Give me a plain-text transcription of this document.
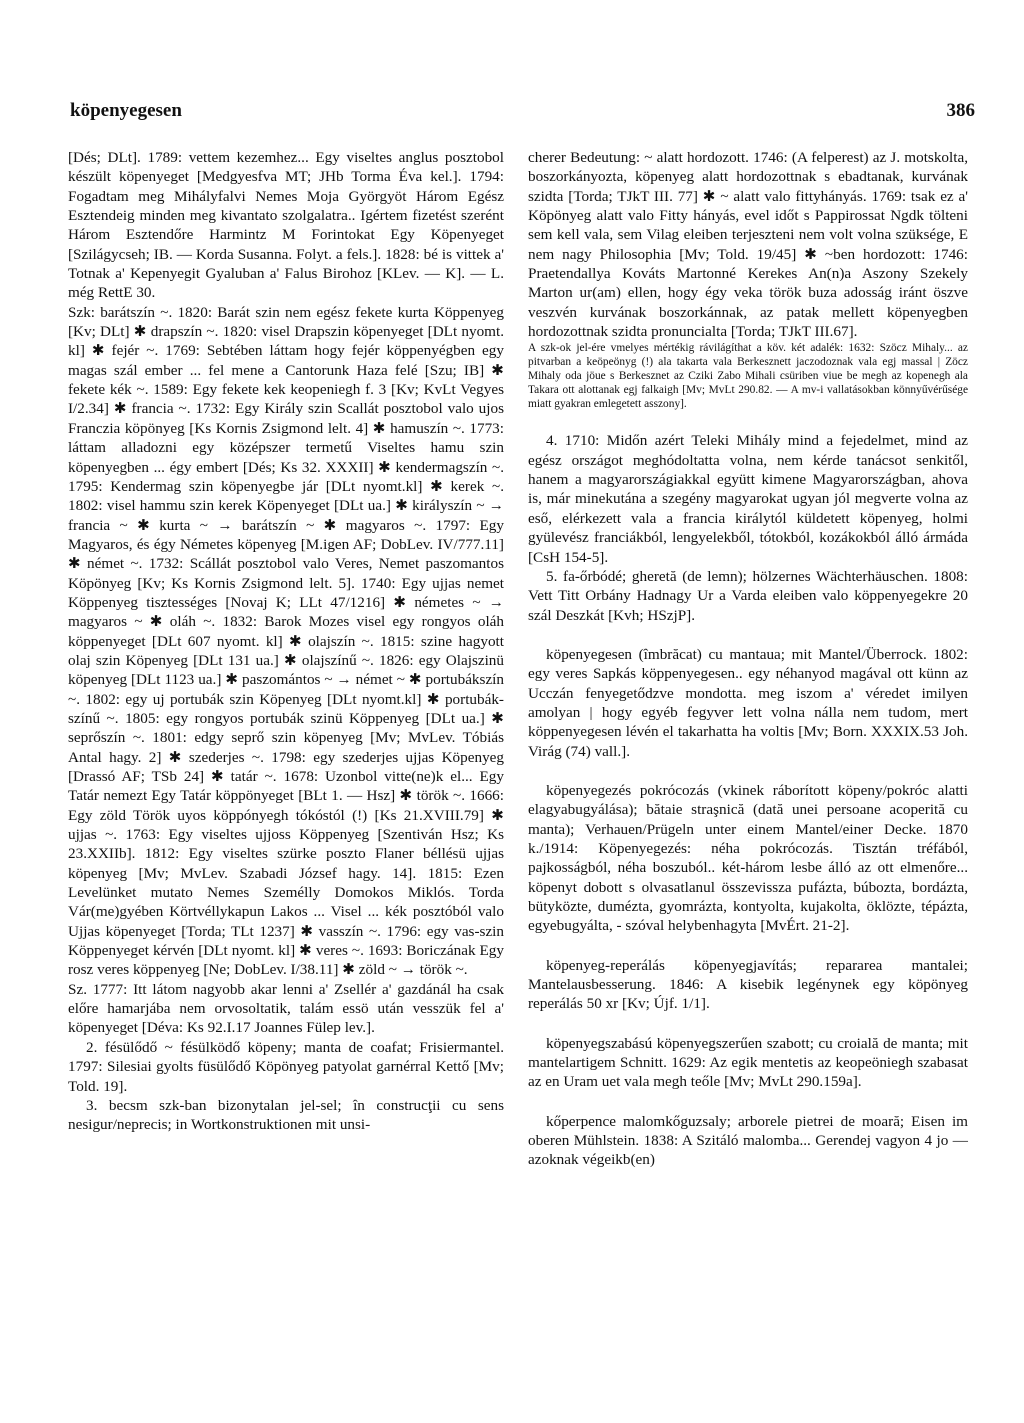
köpenyegesen	386

[Dés; DLt]. 1789: vettem kezemhez... Egy viseltes anglus posztobol készült köpenyeget [Medgyesfva MT; JHb Torma Éva kel.]. 1794: Fogadtam meg Mihályfalvi Nemes Moja Györgyöt Három Egész Esztendeig minden meg kivantato szolgalatra.. Igértem fizetést szerént Három Esztendőre Harmintz M Forintokat Egy Köpenyeget [Szilágycseh; IB. — Korda Susanna. Folyt. a fels.]. 1828: bé is vittek a' Totnak a' Kepenyegit Gyaluban a' Falus Birohoz [KLev. — K]. — L. még RettE 30.

Szk: barátszín ~. 1820: Barát szin nem egész fekete kurta Köppenyeg [Kv; DLt] ✱ drapszín ~. 1820: visel Drapszin köpenyeget [DLt nyomt. kl] ✱ fejér ~. 1769: Sebtében láttam hogy fejér köppenyégben egy magas szál ember ... fel mene a Cantorunk Haza felé [Szu; IB] ✱ fekete kék ~. 1589: Egy fekete kek keopeniegh f. 3 [Kv; KvLt Vegyes I/2.34] ✱ francia ~. 1732: Egy Király szin Scallát posztobol valo ujos Franczia köpönyeg [Ks Kornis Zsigmond lelt. 4] ✱ hamuszín ~. 1773: láttam alladozni egy középszer termetű Viseltes hamu szin köpenyegben ... égy embert [Dés; Ks 32. XXXII] ✱ kendermagszín ~. 1795: Kendermag szin köpenyegbe jár [DLt nyomt.kl] ✱ kerek ~. 1802: visel hammu szin kerek Köpenyeget [DLt ua.] ✱ királyszín ~ → francia ~ ✱ kurta ~ → barátszín ~ ✱ magyaros ~. 1797: Egy Magyaros, és égy Németes köpenyeg [M.igen AF; DobLev. IV/777.11] ✱ német ~. 1732: Scállát posztobol valo Veres, Nemet paszomantos Köpönyeg [Kv; Ks Kornis Zsigmond lelt. 5]. 1740: Egy ujjas nemet Köppenyeg tisztességes [Novaj K; LLt 47/1216] ✱ németes ~ → magyaros ~ ✱ oláh ~. 1832: Barok Mozes visel egy rongyos oláh köppenyeget [DLt 607 nyomt. kl] ✱ olajszín ~. 1815: szine hagyott olaj szin Köpenyeg [DLt 131 ua.] ✱ olajszínű ~. 1826: egy Olajszinü köpenyeg [DLt 1123 ua.] ✱ paszomántos ~ → német ~ ✱ portubákszín ~. 1802: egy uj portubák szin Köpenyeg [DLt nyomt.kl] ✱ portubák-színű ~. 1805: egy rongyos portubák szinü Köppenyeg [DLt ua.] ✱ seprőszín ~. 1801: edgy seprő szin köpenyeg [Mv; MvLev. Tóbiás Antal hagy. 2] ✱ szederjes ~. 1798: egy szederjes ujjas Köpenyeg [Drassó AF; TSb 24] ✱ tatár ~. 1678: Uzonbol vitte(ne)k el... Egy Tatár nemezt Egy Tatár köppönyeget [BLt 1. — Hsz] ✱ török ~. 1666: Egy zöld Török uyos köppónyegh tókóstól (!) [Ks 21.XVIII.79] ✱ ujjas ~. 1763: Egy viseltes ujjoss Köppenyeg [Szentiván Hsz; Ks 23.XXIIb]. 1812: Egy viseltes szürke poszto Flaner béllésü ujjas köpenyeg [Mv; MvLev. Szabadi József hagy. 14]. 1815: Ezen Levelünket mutato Nemes Személly Domokos Miklós. Torda Vár(me)gyében Körtvéllykapun Lakos ... Visel ... kék posztóból valo Ujjas köpenyeget [Torda; TLt 1237] ✱ vasszín ~. 1796: egy vas-szin Köppenyeget kérvén [DLt nyomt. kl] ✱ veres ~. 1693: Boriczának Egy rosz veres köppenyeg [Ne; DobLev. I/38.11] ✱ zöld ~ → török ~.

Sz. 1777: Itt látom nagyobb akar lenni a' Zsellér a' gazdánál ha csak előre hamarjába nem orvosoltatik, talám essö után vesszük fel a' köpenyeget [Déva: Ks 92.I.17 Joannes Fülep lev.].

2. fésülődő ~ fésülködő köpeny; manta de coafat; Frisiermantel. 1797: Silesiai gyolts füsülődő Köpönyeg patyolat garnérral Kettő [Mv; Told. 19].

3. becsm szk-ban bizonytalan jel-sel; în construcţii cu sens nesigur/neprecis; in Wortkonstruktionen mit unsi-

cherer Bedeutung: ~ alatt hordozott. 1746: (A felperest) az J. motskolta, boszorkányozta, köpenyeg alatt hordozottnak s ebadtanak, kurvának szidta [Torda; TJkT III. 77] ✱ ~ alatt valo fittyhányás. 1769: tsak ez a' Köpönyeg alatt valo Fitty hányás, evel időt s Pappirossat Ngdk tölteni sem kell vala, sem Vilag eleiben terjeszteni nem volt volna szüksége, E nem nagy Philosophia [Mv; Told. 19/45] ✱ ~ben hordozott: 1746: Praetendallya Kováts Martonné Kerekes An(n)a Aszony Szekely Marton ur(am) ellen, hogy égy veka török buza adosság iránt öszve veszvén kurvának boszorkánnak, az patak mellett köpenyegben hordozottnak szidta pronuncialta [Torda; TJkT III.67].

A szk-ok jel-ére vmelyes mértékig rávilágíthat a köv. két adalék: 1632: Szöcz Mihaly... az pitvarban a keöpeönyg (!) ala takarta vala Berkesznett jaczodoznak vala egj massal | Zöcz Mihaly oda jöue s Berkesznet az Cziki Zabo Mihali csüriben viue be megh az kopenegh ala Takara ott alottanak egj falkaigh [Mv; MvLt 290.82. — A mv-i vallatásokban könnyűvérűsége miatt gyakran emlegetett asszony].

4. 1710: Midőn azért Teleki Mihály mind a fejedelmet, mind az egész országot meghódoltatta volna, nem kérde tanácsot senkitől, hanem a magyarországiakkal együtt kimene Magyarországban, ahova is, már minekutána a szegény magyarokat ugyan jól megverte volna az eső, elérkezett vala a francia királytól küldetett köpenyeg, holmi gyülevész franciákból, lengyelekből, tótokból, kozákokból álló ármáda [CsH 154-5].

5. fa-őrbódé; gheretă (de lemn); hölzernes Wächterhäuschen. 1808: Vett Titt Orbány Hadnagy Ur a Varda eleiben valo köppenyegekre 20 szál Deszkát [Kvh; HSzjP].

köpenyegesen (îmbrăcat) cu mantaua; mit Mantel/Überrock. 1802: egy veres Sapkás köppenyegesen.. egy néhanyod magával ott künn az Ucczán fenyegetődzve mondotta. meg iszom a' véredet imilyen amolyan | hogy egyéb fegyver lett volna nálla nem tudom, mert köppenyegesen lévén el takarhatta ha voltis [Mv; Born. XXXIX.53 Joh. Virág (74) vall.].

köpenyegezés pokrócozás (vkinek ráborított köpeny/pokróc alatti elagyabugyálása); bătaie straşnică (dată unei persoane acoperită cu manta); Verhauen/Prügeln unter einem Mantel/einer Decke. 1870 k./1914: Köpenyegezés: néha pokrócozás. Tisztán tréfából, pajkosságból, néha boszuból.. két-három lesbe álló az ott elmenőre... köpenyt dobott s olvasatlanul összevissza pufázta, búbozta, bordázta, bütyközte, dumézta, gyomrázta, kontyolta, kujakolta, öklözte, tépázta, egyebugyálta, - szóval helybenhagyta [MvÉrt. 21-2].

köpenyeg-reperálás köpenyegjavítás; repararea mantalei; Mantelausbesserung. 1846: A kisebik legénynek egy köpönyeg reperálás 50 xr [Kv; Újf. 1/1].

köpenyegszabású köpenyegszerűen szabott; cu croială de manta; mit mantelartigem Schnitt. 1629: Az egik mentetis az keopeöniegh szabasat az en Uram uet vala megh teőle [Mv; MvLt 290.159a].

kőperpence malomkőguzsaly; arborele pietrei de moară; Eisen im oberen Mühlstein. 1838: A Szitáló malomba... Gerendej vagyon 4 jo — azoknak végeikb(en)
